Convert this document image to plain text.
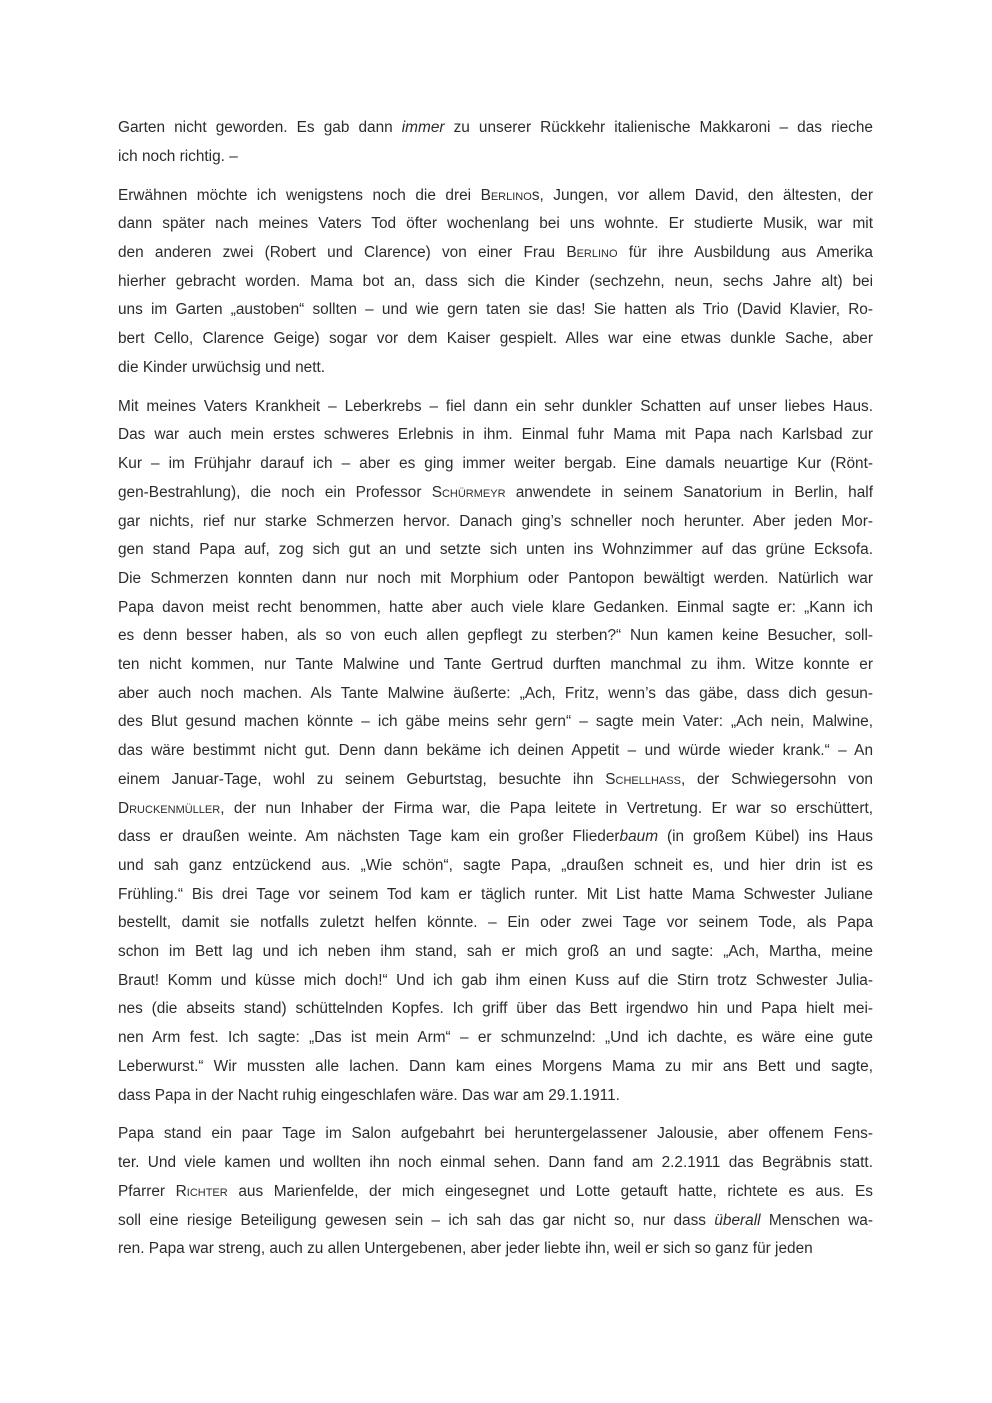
Garten nicht geworden. Es gab dann immer zu unserer Rückkehr italienische Makkaroni – das rieche

ich noch richtig. –

Erwähnen möchte ich wenigstens noch die drei Berlinos, Jungen, vor allem David, den ältesten, der

dann später nach meines Vaters Tod öfter wochenlang bei uns wohnte. Er studierte Musik, war mit

den anderen zwei (Robert und Clarence) von einer Frau Berlino für ihre Ausbildung aus Amerika

hierher gebracht worden. Mama bot an, dass sich die Kinder (sechzehn, neun, sechs Jahre alt) bei

uns im Garten „austoben“ sollten – und wie gern taten sie das! Sie hatten als Trio (David Klavier, Ro-

bert Cello, Clarence Geige) sogar vor dem Kaiser gespielt. Alles war eine etwas dunkle Sache, aber

die Kinder urwüchsig und nett.

Mit meines Vaters Krankheit – Leberkrebs – fiel dann ein sehr dunkler Schatten auf unser liebes Haus.

Das war auch mein erstes schweres Erlebnis in ihm. Einmal fuhr Mama mit Papa nach Karlsbad zur

Kur – im Frühjahr darauf ich – aber es ging immer weiter bergab. Eine damals neuartige Kur (Rönt-

gen-Bestrahlung), die noch ein Professor Schürmeyr anwendete in seinem Sanatorium in Berlin, half

gar nichts, rief nur starke Schmerzen hervor. Danach ging’s schneller noch herunter. Aber jeden Mor-

gen stand Papa auf, zog sich gut an und setzte sich unten ins Wohnzimmer auf das grüne Ecksofa.

Die Schmerzen konnten dann nur noch mit Morphium oder Pantopon bewältigt werden. Natürlich war

Papa davon meist recht benommen, hatte aber auch viele klare Gedanken. Einmal sagte er: „Kann ich

es denn besser haben, als so von euch allen gepflegt zu sterben?“ Nun kamen keine Besucher, soll-

ten nicht kommen, nur Tante Malwine und Tante Gertrud durften manchmal zu ihm. Witze konnte er

aber auch noch machen. Als Tante Malwine äußerte: „Ach, Fritz, wenn’s das gäbe, dass dich gesun-

des Blut gesund machen könnte – ich gäbe meins sehr gern“ – sagte mein Vater: „Ach nein, Malwine,

das wäre bestimmt nicht gut. Denn dann bekäme ich deinen Appetit – und würde wieder krank.“ – An

einem Januar-Tage, wohl zu seinem Geburtstag, besuchte ihn Schellhaß, der Schwiegersohn von

Druckenmüller, der nun Inhaber der Firma war, die Papa leitete in Vertretung. Er war so erschüttert,

dass er draußen weinte. Am nächsten Tage kam ein großer Fliederbaum (in großem Kübel) ins Haus

und sah ganz entzückend aus. „Wie schön“, sagte Papa, „draußen schneit es, und hier drin ist es

Frühling.“ Bis drei Tage vor seinem Tod kam er täglich runter. Mit List hatte Mama Schwester Juliane

bestellt, damit sie notfalls zuletzt helfen könnte. – Ein oder zwei Tage vor seinem Tode, als Papa

schon im Bett lag und ich neben ihm stand, sah er mich groß an und sagte: „Ach, Martha, meine

Braut! Komm und küsse mich doch!“ Und ich gab ihm einen Kuss auf die Stirn trotz Schwester Julia-

nes (die abseits stand) schüttelnden Kopfes. Ich griff über das Bett irgendwo hin und Papa hielt mei-

nen Arm fest. Ich sagte: „Das ist mein Arm“ – er schmunzelnd: „Und ich dachte, es wäre eine gute

Leberwurst.“ Wir mussten alle lachen. Dann kam eines Morgens Mama zu mir ans Bett und sagte,

dass Papa in der Nacht ruhig eingeschlafen wäre. Das war am 29.1.1911.

Papa stand ein paar Tage im Salon aufgebahrt bei heruntergelassener Jalousie, aber offenem Fens-

ter. Und viele kamen und wollten ihn noch einmal sehen. Dann fand am 2.2.1911 das Begräbnis statt.

Pfarrer Richter aus Marienfelde, der mich eingesegnet und Lotte getauft hatte, richtete es aus. Es

soll eine riesige Beteiligung gewesen sein – ich sah das gar nicht so, nur dass überall Menschen wa-

ren. Papa war streng, auch zu allen Untergebenen, aber jeder liebte ihn, weil er sich so ganz für jeden
